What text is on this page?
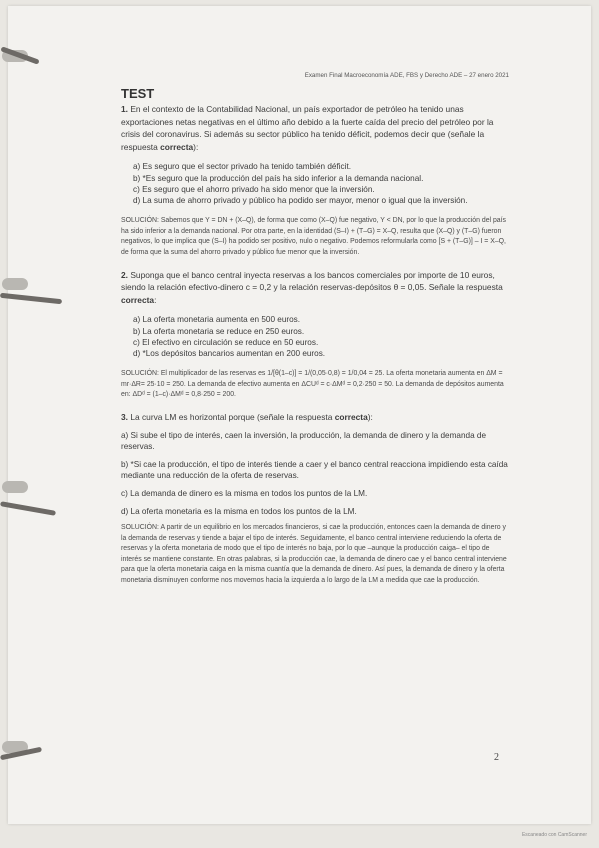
Examen Final Macroeconomía ADE, FBS y Derecho ADE – 27 enero 2021
TEST

1. En el contexto de la Contabilidad Nacional, un país exportador de petróleo ha tenido unas exportaciones netas negativas en el último año debido a la fuerte caída del precio del petróleo por la crisis del coronavirus. Si además su sector público ha tenido déficit, podemos decir que (señale la respuesta correcta):

a) Es seguro que el sector privado ha tenido también déficit.
b) *Es seguro que la producción del país ha sido inferior a la demanda nacional.
c) Es seguro que el ahorro privado ha sido menor que la inversión.
d) La suma de ahorro privado y público ha podido ser mayor, menor o igual que la inversión.

SOLUCIÓN: Sabemos que Y = DN + (X–Q), de forma que como (X–Q) fue negativo, Y < DN, por lo que la producción del país ha sido inferior a la demanda nacional. Por otra parte, en la identidad (S–I) + (T–G) = X–Q, resulta que (X–Q) y (T–G) fueron negativos, lo que implica que (S–I) ha podido ser positivo, nulo o negativo. Podemos reformularla como [S + (T–G)] – I = X–Q, de forma que la suma del ahorro privado y público fue menor que la inversión.

2. Suponga que el banco central inyecta reservas a los bancos comerciales por importe de 10 euros, siendo la relación efectivo-dinero c = 0,2 y la relación reservas-depósitos θ = 0,05. Señale la respuesta correcta:

a) La oferta monetaria aumenta en 500 euros.
b) La oferta monetaria se reduce en 250 euros.
c) El efectivo en circulación se reduce en 50 euros.
d) *Los depósitos bancarios aumentan en 200 euros.

SOLUCIÓN: El multiplicador de las reservas es 1/[θ(1–c)] = 1/(0,05·0,8) = 1/0,04 = 25. La oferta monetaria aumenta en ΔM = mr·ΔR= 25·10 = 250. La demanda de efectivo aumenta en ΔCUᵈ = c·ΔMᵈ = 0,2·250 = 50. La demanda de depósitos aumenta en: ΔDᵈ = (1–c)·ΔMᵈ = 0,8·250 = 200.

3. La curva LM es horizontal porque (señale la respuesta correcta):

a) Si sube el tipo de interés, caen la inversión, la producción, la demanda de dinero y la demanda de reservas.

b) *Si cae la producción, el tipo de interés tiende a caer y el banco central reacciona impidiendo esta caída mediante una reducción de la oferta de reservas.

c) La demanda de dinero es la misma en todos los puntos de la LM.

d) La oferta monetaria es la misma en todos los puntos de la LM.

SOLUCIÓN: A partir de un equilibrio en los mercados financieros, si cae la producción, entonces caen la demanda de dinero y la demanda de reservas y tiende a bajar el tipo de interés. Seguidamente, el banco central interviene reduciendo la oferta de reservas y la oferta monetaria de modo que el tipo de interés no baja, por lo que –aunque la producción caiga– el tipo de interés se mantiene constante. En otras palabras, si la producción cae, la demanda de dinero cae y el banco central interviene para que la oferta monetaria caiga en la misma cuantía que la demanda de dinero. Así pues, la demanda de dinero y la oferta monetaria disminuyen conforme nos movemos hacia la izquierda a lo largo de la LM a medida que cae la producción.

2
Escaneado con CamScanner
